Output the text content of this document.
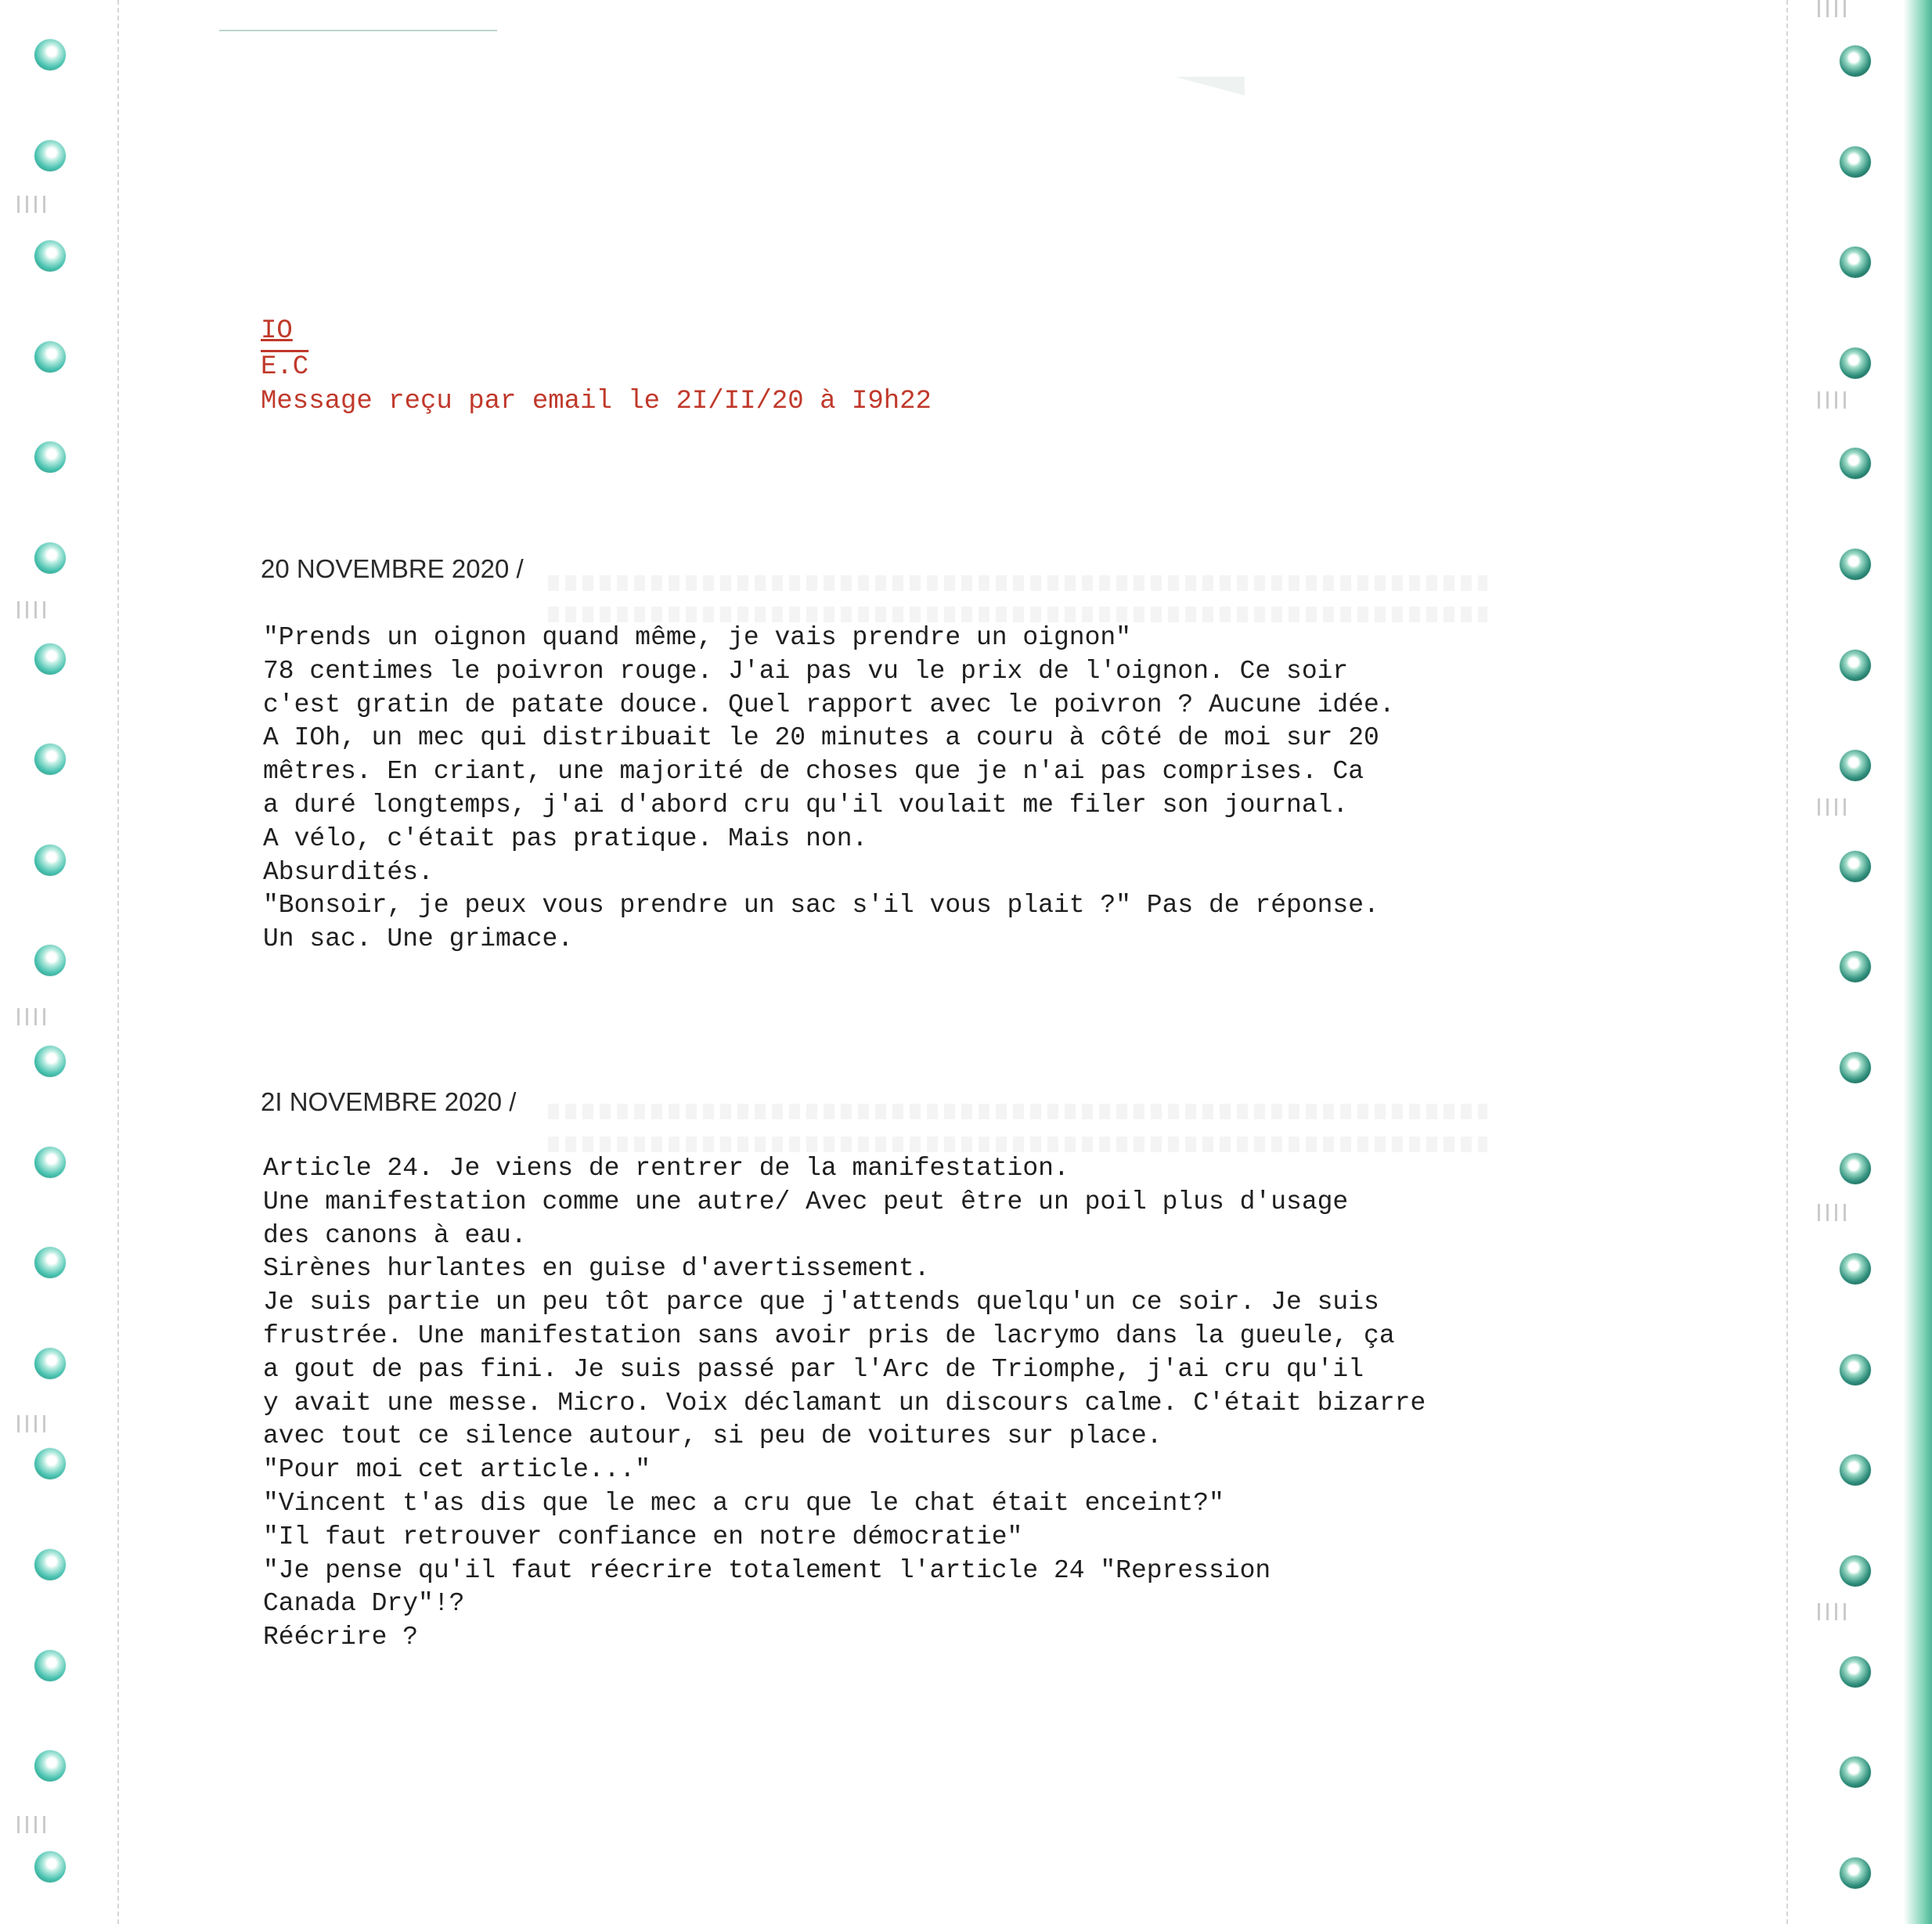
IO
E.C
Message reçu par email le 2I/II/20 à I9h22
20 NOVEMBRE 2020 /
"Prends un oignon quand même, je vais prendre un oignon"
78 centimes le poivron rouge. J'ai pas vu le prix de l'oignon. Ce soir
c'est gratin de patate douce. Quel rapport avec le poivron ? Aucune idée.
A IOh, un mec qui distribuait le 20 minutes a couru à côté de moi sur 20
mêtres. En criant, une majorité de choses que je n'ai pas comprises. Ca
a duré longtemps, j'ai d'abord cru qu'il voulait me filer son journal.
A vélo, c'était pas pratique. Mais non.
Absurdités.
"Bonsoir, je peux vous prendre un sac s'il vous plait ?" Pas de réponse.
Un sac. Une grimace.
2I NOVEMBRE 2020 /
Article 24. Je viens de rentrer de la manifestation.
Une manifestation comme une autre/ Avec peut être un poil plus d'usage
des canons à eau.
Sirènes hurlantes en guise d'avertissement.
Je suis partie un peu tôt parce que j'attends quelqu'un ce soir. Je suis
frustrée. Une manifestation sans avoir pris de lacrymo dans la gueule, ça
a gout de pas fini. Je suis passé par l'Arc de Triomphe, j'ai cru qu'il
y avait une messe. Micro. Voix déclamant un discours calme. C'était bizarre
avec tout ce silence autour, si peu de voitures sur place.
"Pour moi cet article..."
"Vincent t'as dis que le mec a cru que le chat était enceint?"
"Il faut retrouver confiance en notre démocratie"
"Je pense qu'il faut réecrire totalement l'article 24 "Repression
Canada Dry"!?
Réécrire ?
